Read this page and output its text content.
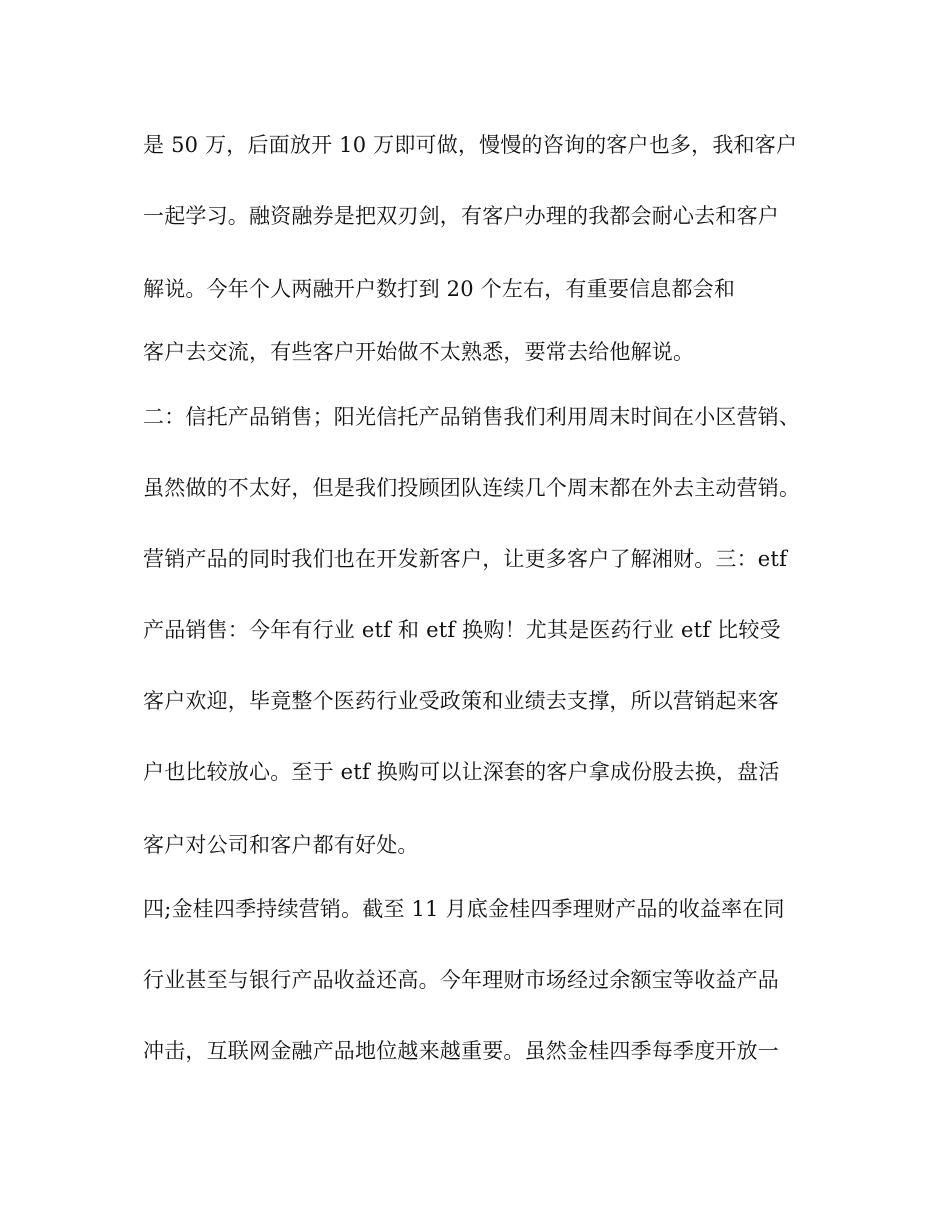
是 50 万，后面放开 10 万即可做，慢慢的咨询的客户也多，我和客户
一起学习。融资融券是把双刃剑，有客户办理的我都会耐心去和客户
解说。今年个人两融开户数打到 20 个左右，有重要信息都会和
客户去交流，有些客户开始做不太熟悉，要常去给他解说。
二：信托产品销售；阳光信托产品销售我们利用周末时间在小区营销、
虽然做的不太好，但是我们投顾团队连续几个周末都在外去主动营销。
营销产品的同时我们也在开发新客户，让更多客户了解湘财。三：etf
产品销售：今年有行业 etf 和 etf 换购！尤其是医药行业 etf 比较受
客户欢迎，毕竟整个医药行业受政策和业绩去支撑，所以营销起来客
户也比较放心。至于 etf 换购可以让深套的客户拿成份股去换，盘活
客户对公司和客户都有好处。
四;金桂四季持续营销。截至 11 月底金桂四季理财产品的收益率在同
行业甚至与银行产品收益还高。今年理财市场经过余额宝等收益产品
冲击，互联网金融产品地位越来越重要。虽然金桂四季每季度开放一
